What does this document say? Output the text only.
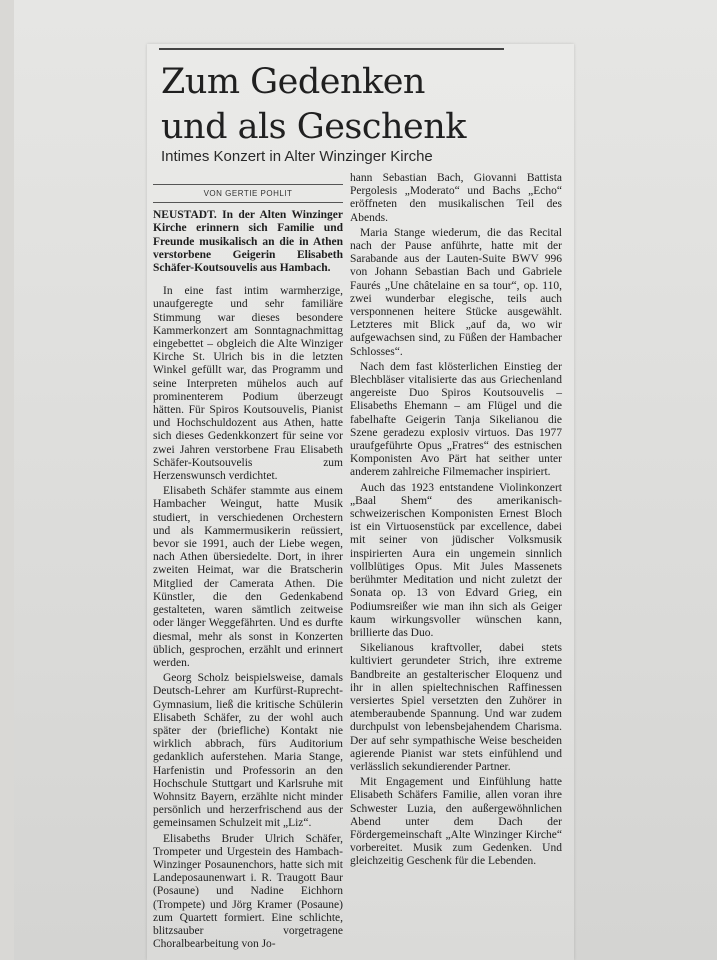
Zum Gedenken
und als Geschenk
Intimes Konzert in Alter Winzinger Kirche
VON GERTIE POHLIT

NEUSTADT. In der Alten Winzinger Kirche erinnern sich Familie und Freunde musikalisch an die in Athen verstorbene Geigerin Elisabeth Schäfer-Koutsouvelis aus Hambach.

In eine fast intim warmherzige, unaufgeregte und sehr familiäre Stimmung war dieses besondere Kammerkonzert am Sonntagnachmittag eingebettet – obgleich die Alte Winziger Kirche St. Ulrich bis in die letzten Winkel gefüllt war, das Programm und seine Interpreten mühelos auch auf prominenterem Podium überzeugt hätten. Für Spiros Koutsouvelis, Pianist und Hochschuldozent aus Athen, hatte sich dieses Gedenkkonzert für seine vor zwei Jahren verstorbene Frau Elisabeth Schäfer-Koutsouvelis zum Herzenswunsch verdichtet.

Elisabeth Schäfer stammte aus einem Hambacher Weingut, hatte Musik studiert, in verschiedenen Orchestern und als Kammermusikerin reüssiert, bevor sie 1991, auch der Liebe wegen, nach Athen übersiedelte. Dort, in ihrer zweiten Heimat, war die Bratscherin Mitglied der Camerata Athen. Die Künstler, die den Gedenkabend gestalteten, waren sämtlich zeitweise oder länger Weggefährten. Und es durfte diesmal, mehr als sonst in Konzerten üblich, gesprochen, erzählt und erinnert werden.

Georg Scholz beispielsweise, damals Deutsch-Lehrer am Kurfürst-Ruprecht-Gymnasium, ließ die kritische Schülerin Elisabeth Schäfer, zu der wohl auch später der (briefliche) Kontakt nie wirklich abbrach, fürs Auditorium gedanklich auferstehen. Maria Stange, Harfenistin und Professorin an den Hochschule Stuttgart und Karlsruhe mit Wohnsitz Bayern, erzählte nicht minder persönlich und herzerfrischend aus der gemeinsamen Schulzeit mit „Liz“.

Elisabeths Bruder Ulrich Schäfer, Trompeter und Urgestein des Hambach-Winzinger Posaunenchors, hatte sich mit Landeposaunenwart i. R. Traugott Baur (Posaune) und Nadine Eichhorn (Trompete) und Jörg Kramer (Posaune) zum Quartett formiert. Eine schlichte, blitzsauber vorgetragene Choralbearbeitung von Jo-

hann Sebastian Bach, Giovanni Battista Pergolesis „Moderato“ und Bachs „Echo“ eröffneten den musikalischen Teil des Abends.

Maria Stange wiederum, die das Recital nach der Pause anführte, hatte mit der Sarabande aus der Lauten-Suite BWV 996 von Johann Sebastian Bach und Gabriele Faurés „Une châtelaine en sa tour“, op. 110, zwei wunderbar elegische, teils auch versponnenen heitere Stücke ausgewählt. Letzteres mit Blick „auf da, wo wir aufgewachsen sind, zu Füßen der Hambacher Schlosses“.

Nach dem fast klösterlichen Einstieg der Blechbläser vitalisierte das aus Griechenland angereiste Duo Spiros Koutsouvelis – Elisabeths Ehemann – am Flügel und die fabelhafte Geigerin Tanja Sikelianou die Szene geradezu explosiv virtuos. Das 1977 uraufgeführte Opus „Fratres“ des estnischen Komponisten Avo Pärt hat seither unter anderem zahlreiche Filmemacher inspiriert.

Auch das 1923 entstandene Violinkonzert „Baal Shem“ des amerikanisch-schweizerischen Komponisten Ernest Bloch ist ein Virtuosenstück par excellence, dabei mit seiner von jüdischer Volksmusik inspirierten Aura ein ungemein sinnlich vollblütiges Opus. Mit Jules Massenets berühmter Meditation und nicht zuletzt der Sonata op. 13 von Edvard Grieg, ein Podiumsreißer wie man ihn sich als Geiger kaum wirkungsvoller wünschen kann, brillierte das Duo.

Sikelianous kraftvoller, dabei stets kultiviert gerundeter Strich, ihre extreme Bandbreite an gestalterischer Eloquenz und ihr in allen spieltechnischen Raffinessen versiertes Spiel versetzten den Zuhörer in atemberaubende Spannung. Und war zudem durchpulst von lebensbejahendem Charisma. Der auf sehr sympathische Weise bescheiden agierende Pianist war stets einfühlend und verlässlich sekundierender Partner.

Mit Engagement und Einfühlung hatte Elisabeth Schäfers Familie, allen voran ihre Schwester Luzia, den außergewöhnlichen Abend unter dem Dach der Fördergemeinschaft „Alte Winzinger Kirche“ vorbereitet. Musik zum Gedenken. Und gleichzeitig Geschenk für die Lebenden.
